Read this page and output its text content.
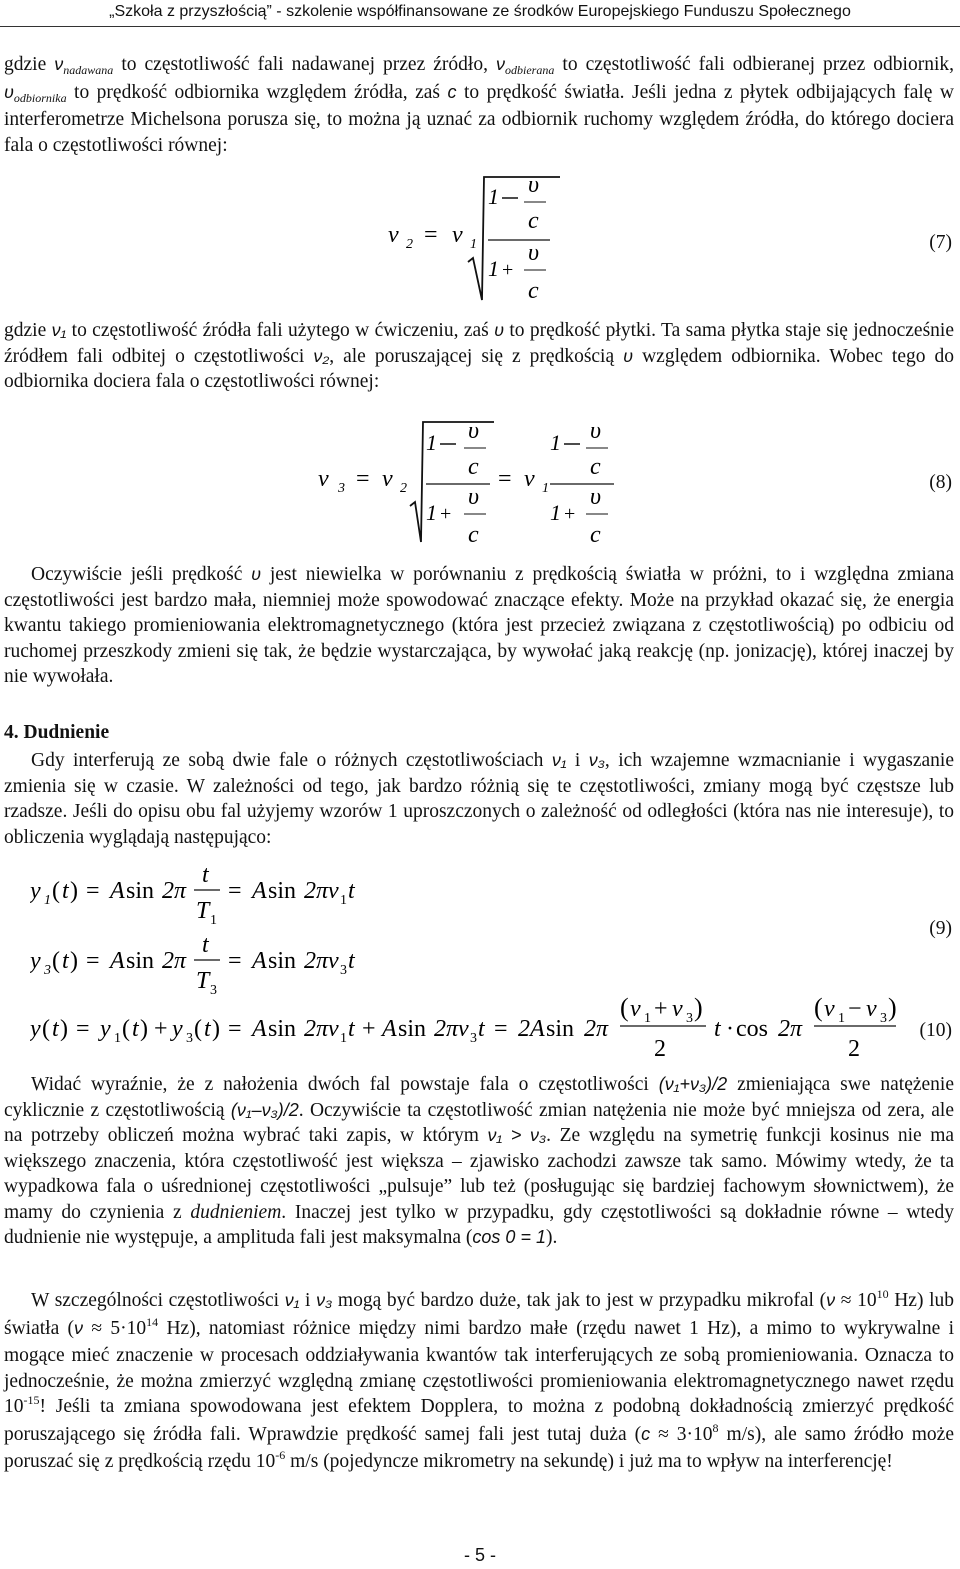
„Szkoła z przyszłością” - szkolenie współfinansowane ze środków Europejskiego Funduszu Społecznego
gdzie $\nu_{nadawana}$ to częstotliwość fali nadawanej przez źródło, $\nu_{odbierana}$ to częstotliwość fali odbieranej przez odbiornik, $\upsilon_{odbiornika}$ to prędkość odbiornika względem źródła, zaś c to prędkość światła. Jeśli jedna z płytek odbijających falę w interferometrze Michelsona porusza się, to można ją uznać za odbiornik ruchomy względem źródła, do którego dociera fala o częstotliwości równej:
ν 2 = ν 1
1 υ
c
1 +
υ
c
(7)
gdzie ν₁ to częstotliwość źródła fali użytego w ćwiczeniu, zaś υ to prędkość płytki. Ta sama płytka staje się jednocześnie źródłem fali odbitej o częstotliwości ν₂, ale poruszającej się z prędkością υ względem odbiornika. Wobec tego do odbiornika dociera fala o częstotliwości równej:
ν 3 = ν 2
1 υ
c
1 +
υ
c
= ν 1
1 υ
c
1 +
υ
c
(8)
Oczywiście jeśli prędkość υ jest niewielka w porównaniu z prędkością światła w próżni, to i względna zmiana częstotliwości jest bardzo mała, niemniej może spowodować znaczące efekty. Może na przykład okazać się, że energia kwantu takiego promieniowania elektromagnetycznego (która jest przecież związana z częstotliwością) po odbiciu od ruchomej przeszkody zmieni się tak, że będzie wystarczająca, by wywołać jaką reakcję (np. jonizację), której inaczej by nie wywołała.
4. Dudnienie
Gdy interferują ze sobą dwie fale o różnych częstotliwościach ν₁ i ν₃, ich wzajemne wzmacnianie i wygaszanie zmienia się w czasie. W zależności od tego, jak bardzo różnią się te częstotliwości, zmiany mogą być częstsze lub rzadsze. Jeśli do opisu obu fal użyjemy wzorów 1 uproszczonych o zależność od odległości (która nas nie interesuje), to obliczenia wyglądają następująco:
y 1 ( t ) = A sin 2π
t
T 1
= A sin 2πν 1 t
y 3 ( t ) = A sin 2π
t
T 3
= A sin 2πν 3 t
(9)
y ( t ) = y 1 ( t ) + y 3 ( t ) = A sin 2πν 1 t + A sin 2πν 3 t = 2A sin 2π
( ν 1 + ν 3 )
2
t · cos 2π
( ν 1 − ν 3 )
2
(10)
Widać wyraźnie, że z nałożenia dwóch fal powstaje fala o częstotliwości (ν₁+ν₃)/2 zmieniająca swe natężenie cyklicznie z częstotliwością (ν₁–ν₃)/2. Oczywiście ta częstotliwość zmian natężenia nie może być mniejsza od zera, ale na potrzeby obliczeń można wybrać taki zapis, w którym ν₁ > ν₃. Ze względu na symetrię funkcji kosinus nie ma większego znaczenia, która częstotliwość jest większa – zjawisko zachodzi zawsze tak samo. Mówimy wtedy, że ta wypadkowa fala o uśrednionej częstotliwości „pulsuje” lub też (posługując się bardziej fachowym słownictwem), że mamy do czynienia z dudnieniem. Inaczej jest tylko w przypadku, gdy częstotliwości są dokładnie równe – wtedy dudnienie nie występuje, a amplituda fali jest maksymalna (cos 0 = 1).
W szczególności częstotliwości ν₁ i ν₃ mogą być bardzo duże, tak jak to jest w przypadku mikrofal ($\nu \approx 10^{10}$ Hz) lub światła ($\nu \approx 5\cdot 10^{14}$ Hz), natomiast różnice między nimi bardzo małe (rzędu nawet 1 Hz), a mimo to wykrywalne i mogące mieć znaczenie w procesach oddziaływania kwantów tak interferujących ze sobą promieniowania. Oznacza to jednocześnie, że można zmierzyć względną zmianę częstotliwości promieniowania elektromagnetycznego nawet rzędu $10^{-15}$! Jeśli ta zmiana spowodowana jest efektem Dopplera, to można z podobną dokładnością zmierzyć prędkość poruszającego się źródła fali. Wprawdzie prędkość samej fali jest tutaj duża ($c \approx 3\cdot 10^8$ m/s), ale samo źródło może poruszać się z prędkością rzędu $10^{-6}$ m/s (pojedyncze mikrometry na sekundę) i już ma to wpływ na interferencję!
- 5 -
